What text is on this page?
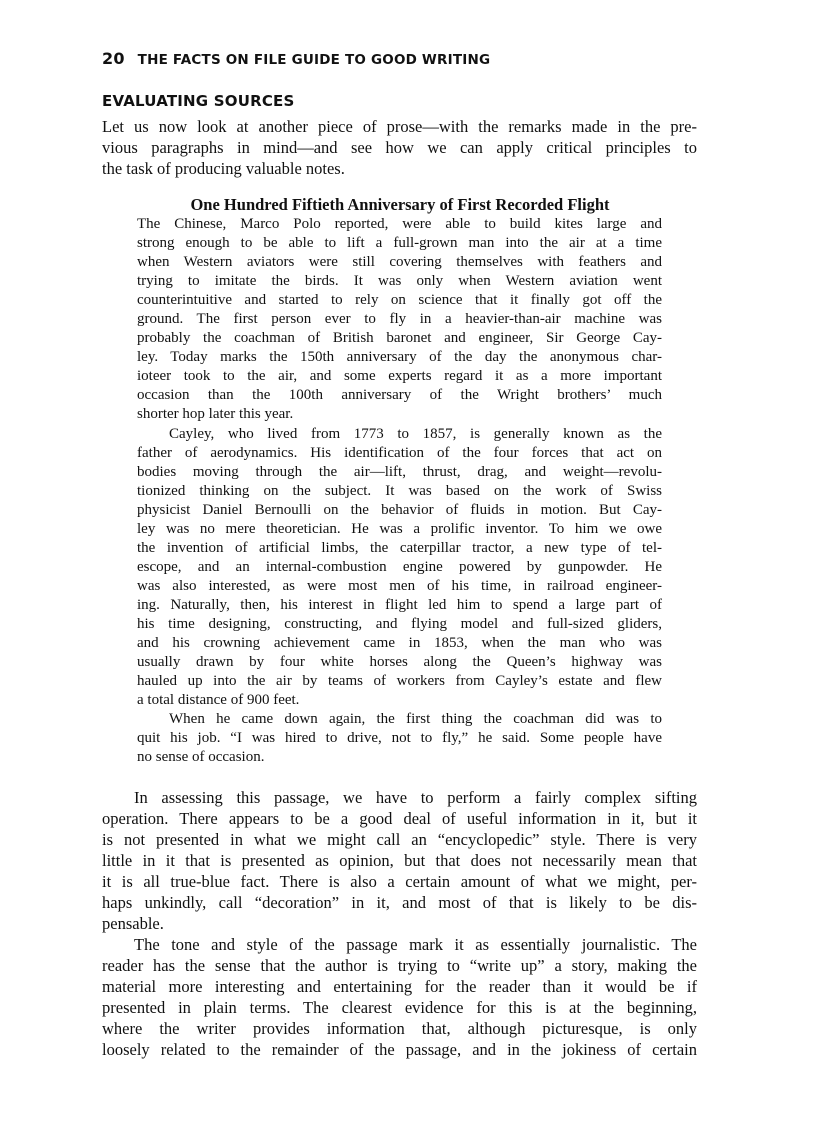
20 THE FACTS ON FILE GUIDE TO GOOD WRITING
EVALUATING SOURCES
Let us now look at another piece of prose—with the remarks made in the pre-
vious paragraphs in mind—and see how we can apply critical principles to
the task of producing valuable notes.
One Hundred Fiftieth Anniversary of First Recorded Flight
The Chinese, Marco Polo reported, were able to build kites large and
strong enough to be able to lift a full-grown man into the air at a time
when Western aviators were still covering themselves with feathers and
trying to imitate the birds. It was only when Western aviation went
counterintuitive and started to rely on science that it finally got off the
ground. The first person ever to fly in a heavier-than-air machine was
probably the coachman of British baronet and engineer, Sir George Cay-
ley. Today marks the 150th anniversary of the day the anonymous char-
ioteer took to the air, and some experts regard it as a more important
occasion than the 100th anniversary of the Wright brothers’ much
shorter hop later this year.
Cayley, who lived from 1773 to 1857, is generally known as the
father of aerodynamics. His identification of the four forces that act on
bodies moving through the air—lift, thrust, drag, and weight—revolu-
tionized thinking on the subject. It was based on the work of Swiss
physicist Daniel Bernoulli on the behavior of fluids in motion. But Cay-
ley was no mere theoretician. He was a prolific inventor. To him we owe
the invention of artificial limbs, the caterpillar tractor, a new type of tel-
escope, and an internal-combustion engine powered by gunpowder. He
was also interested, as were most men of his time, in railroad engineer-
ing. Naturally, then, his interest in flight led him to spend a large part of
his time designing, constructing, and flying model and full-sized gliders,
and his crowning achievement came in 1853, when the man who was
usually drawn by four white horses along the Queen’s highway was
hauled up into the air by teams of workers from Cayley’s estate and flew
a total distance of 900 feet.
When he came down again, the first thing the coachman did was to
quit his job. “I was hired to drive, not to fly,” he said. Some people have
no sense of occasion.
In assessing this passage, we have to perform a fairly complex sifting
operation. There appears to be a good deal of useful information in it, but it
is not presented in what we might call an “encyclopedic” style. There is very
little in it that is presented as opinion, but that does not necessarily mean that
it is all true-blue fact. There is also a certain amount of what we might, per-
haps unkindly, call “decoration” in it, and most of that is likely to be dis-
pensable.
The tone and style of the passage mark it as essentially journalistic. The
reader has the sense that the author is trying to “write up” a story, making the
material more interesting and entertaining for the reader than it would be if
presented in plain terms. The clearest evidence for this is at the beginning,
where the writer provides information that, although picturesque, is only
loosely related to the remainder of the passage, and in the jokiness of certain
